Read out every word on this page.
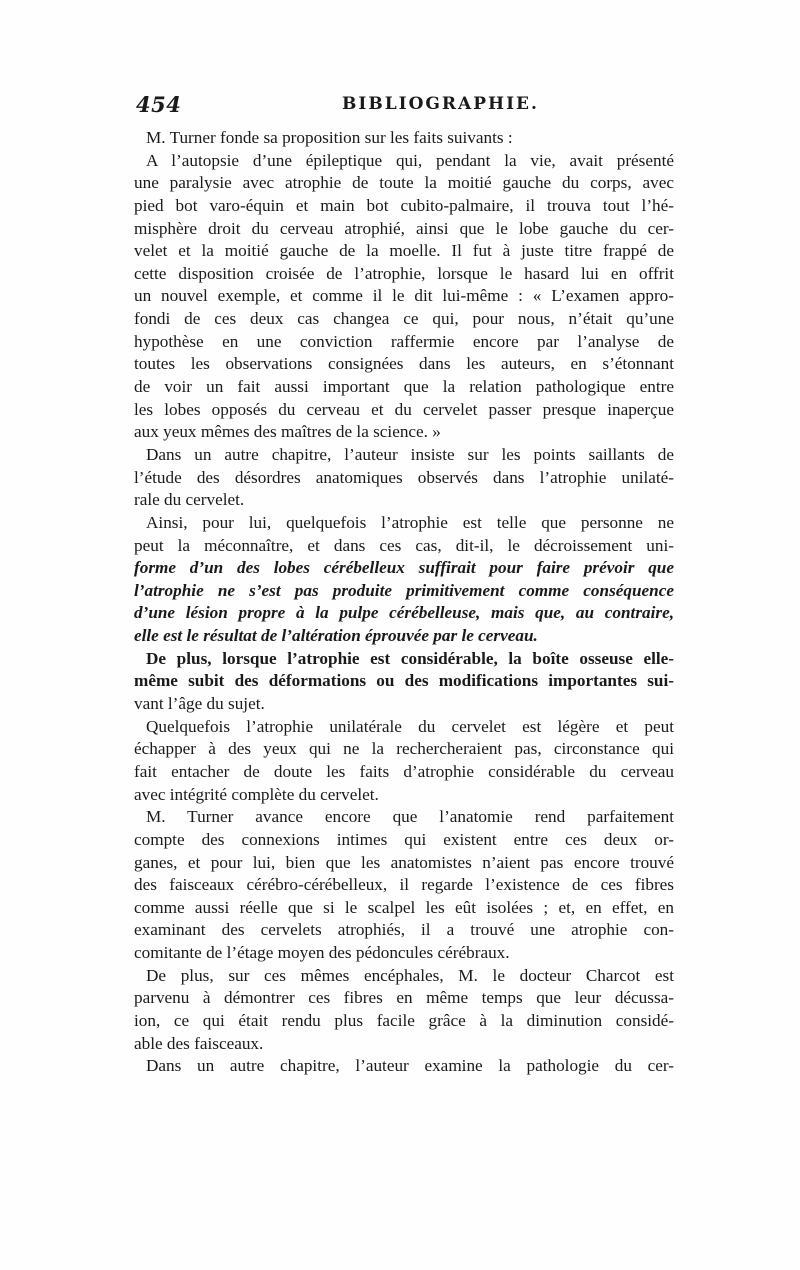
454	BIBLIOGRAPHIE.
M. Turner fonde sa proposition sur les faits suivants :
A l’autopsie d’une épileptique qui, pendant la vie, avait présenté
une paralysie avec atrophie de toute la moitié gauche du corps, avec
pied bot varo-équin et main bot cubito-palmaire, il trouva tout l’hé-
misphère droit du cerveau atrophié, ainsi que le lobe gauche du cer-
velet et la moitié gauche de la moelle. Il fut à juste titre frappé de
cette disposition croisée de l’atrophie, lorsque le hasard lui en offrit
un nouvel exemple, et comme il le dit lui-même : « L’examen appro-
fondi de ces deux cas changea ce qui, pour nous, n’était qu’une
hypothèse en une conviction raffermie encore par l’analyse de
toutes les observations consignées dans les auteurs, en s’étonnant
de voir un fait aussi important que la relation pathologique entre
les lobes opposés du cerveau et du cervelet passer presque inaperçue
aux yeux mêmes des maîtres de la science. »
Dans un autre chapitre, l’auteur insiste sur les points saillants de
l’étude des désordres anatomiques observés dans l’atrophie unilaté-
rale du cervelet.
Ainsi, pour lui, quelquefois l’atrophie est telle que personne ne
peut la méconnaître, et dans ces cas, dit-il, le décroissement uni-
forme d’un des lobes cérébelleux suffirait pour faire prévoir que
l’atrophie ne s’est pas produite primitivement comme conséquence
d’une lésion propre à la pulpe cérébelleuse, mais que, au contraire,
elle est le résultat de l’altération éprouvée par le cerveau.
De plus, lorsque l’atrophie est considérable, la boîte osseuse elle-
même subit des déformations ou des modifications importantes sui-
vant l’âge du sujet.
Quelquefois l’atrophie unilatérale du cervelet est légère et peut
échapper à des yeux qui ne la rechercheraient pas, circonstance qui
fait entacher de doute les faits d’atrophie considérable du cerveau
avec intégrité complète du cervelet.
M. Turner avance encore que l’anatomie rend parfaitement
compte des connexions intimes qui existent entre ces deux or-
ganes, et pour lui, bien que les anatomistes n’aient pas encore trouvé
des faisceaux cérébro-cérébelleux, il regarde l’existence de ces fibres
comme aussi réelle que si le scalpel les eût isolées ; et, en effet, en
examinant des cervelets atrophiés, il a trouvé une atrophie con-
comitante de l’étage moyen des pédoncules cérébraux.
De plus, sur ces mêmes encéphales, M. le docteur Charcot est
parvenu à démontrer ces fibres en même temps que leur décussa-
ion, ce qui était rendu plus facile grâce à la diminution considé-
able des faisceaux.
Dans un autre chapitre, l’auteur examine la pathologie du cer-
